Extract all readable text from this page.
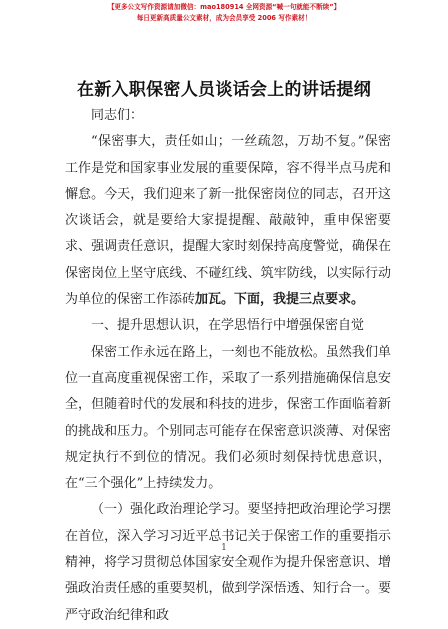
【更多公文写作资源请加微信：mao180914 全网资源“喊一句就能不断续”】
每日更新高质量公文素材，成为会员享受 2006 写作素材！
在新入职保密人员谈话会上的讲话提纲

同志们：

“保密事大，责任如山；一丝疏忽，万劫不复。”保密工作是党和国家事业发展的重要保障，容不得半点马虎和懈怠。今天，我们迎来了新一批保密岗位的同志，召开这次谈话会，就是要给大家提提醒、敲敲钟，重申保密要求、强调责任意识，提醒大家时刻保持高度警觉，确保在保密岗位上坚守底线、不碰红线、筑牢防线，以实际行动为单位的保密工作添砖加瓦。下面，我提三点要求。

一、提升思想认识，在学思悟行中增强保密自觉

保密工作永远在路上，一刻也不能放松。虽然我们单位一直高度重视保密工作，采取了一系列措施确保信息安全，但随着时代的发展和科技的进步，保密工作面临着新的挑战和压力。个别同志可能存在保密意识淡薄、对保密规定执行不到位的情况。我们必须时刻保持忧患意识，在“三个强化”上持续发力。

（一）强化政治理论学习。要坚持把政治理论学习摆在首位，深入学习习近平总书记关于保密工作的重要指示精神，将学习贯彻总体国家安全观作为提升保密意识、增强政治责任感的重要契机，做到学深悟透、知行合一。要严守政治纪律和政

1
